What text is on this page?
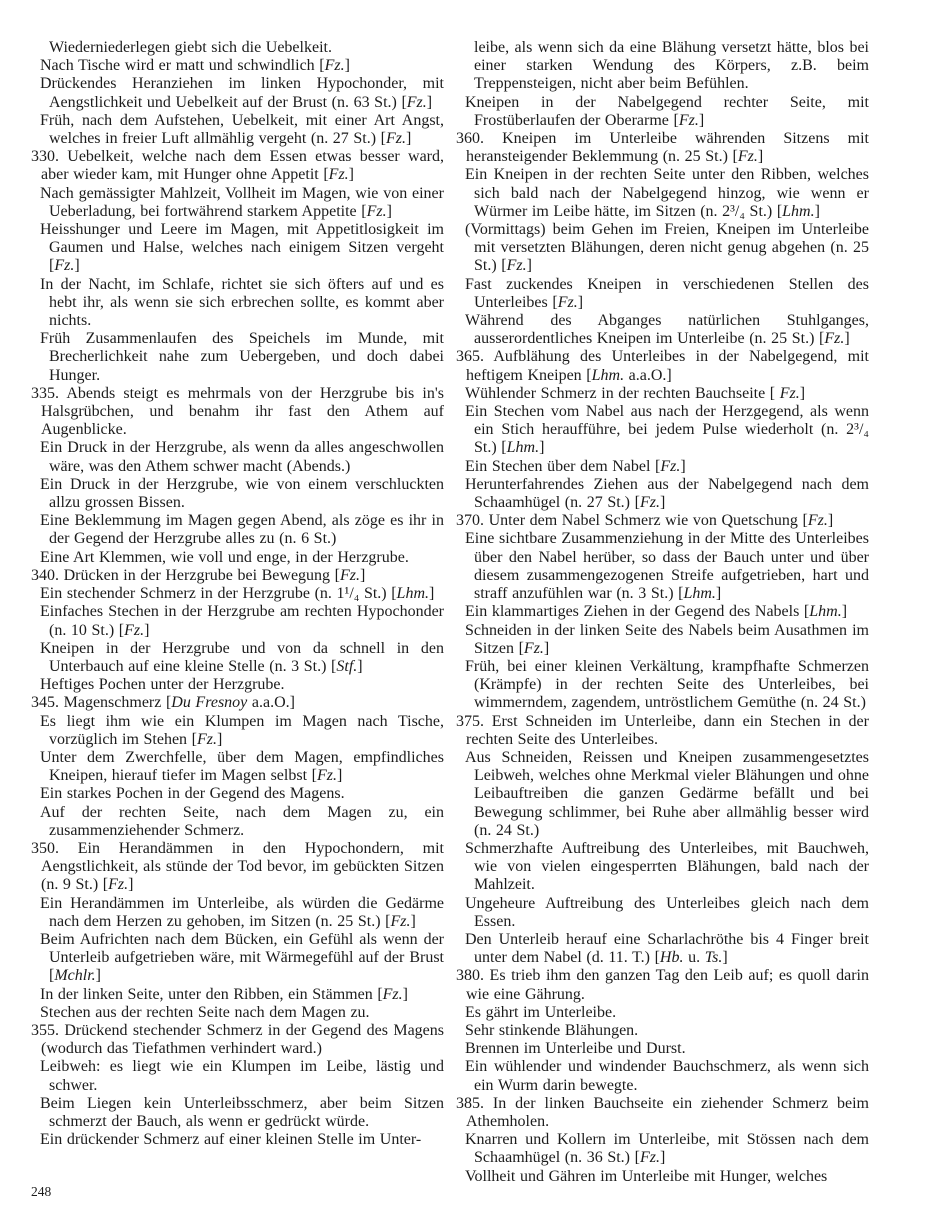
Wiederniederlegen giebt sich die Uebelkeit.

Nach Tische wird er matt und schwindlich [Fz.]

Drückendes Heranziehen im linken Hypochonder, mit Aengstlichkeit und Uebelkeit auf der Brust (n. 63 St.) [Fz.]

Früh, nach dem Aufstehen, Uebelkeit, mit einer Art Angst, welches in freier Luft allmählig vergeht (n. 27 St.) [Fz.]

330. Uebelkeit, welche nach dem Essen etwas besser ward, aber wieder kam, mit Hunger ohne Appetit [Fz.]

Nach gemässigter Mahlzeit, Vollheit im Magen, wie von einer Ueberladung, bei fortwährend starkem Appetite [Fz.]

Heisshunger und Leere im Magen, mit Appetitlosigkeit im Gaumen und Halse, welches nach einigem Sitzen vergeht [Fz.]

In der Nacht, im Schlafe, richtet sie sich öfters auf und es hebt ihr, als wenn sie sich erbrechen sollte, es kommt aber nichts.

Früh Zusammenlaufen des Speichels im Munde, mit Brecherlichkeit nahe zum Uebergeben, und doch dabei Hunger.

335. Abends steigt es mehrmals von der Herzgrube bis in's Halsgrübchen, und benahm ihr fast den Athem auf Augenblicke.

Ein Druck in der Herzgrube, als wenn da alles angeschwollen wäre, was den Athem schwer macht (Abends.)

Ein Druck in der Herzgrube, wie von einem verschluckten allzu grossen Bissen.

Eine Beklemmung im Magen gegen Abend, als zöge es ihr in der Gegend der Herzgrube alles zu (n. 6 St.)

Eine Art Klemmen, wie voll und enge, in der Herzgrube.

340. Drücken in der Herzgrube bei Bewegung [Fz.]

Ein stechender Schmerz in der Herzgrube (n. 1¹/₄ St.) [Lhm.]

Einfaches Stechen in der Herzgrube am rechten Hypochonder (n. 10 St.) [Fz.]

Kneipen in der Herzgrube und von da schnell in den Unterbauch auf eine kleine Stelle (n. 3 St.) [Stf.]

Heftiges Pochen unter der Herzgrube.

345. Magenschmerz [Du Fresnoy a.a.O.]

Es liegt ihm wie ein Klumpen im Magen nach Tische, vorzüglich im Stehen [Fz.]

Unter dem Zwerchfelle, über dem Magen, empfindliches Kneipen, hierauf tiefer im Magen selbst [Fz.]

Ein starkes Pochen in der Gegend des Magens.

Auf der rechten Seite, nach dem Magen zu, ein zusammenziehender Schmerz.

350. Ein Herandämmen in den Hypochondern, mit Aengstlichkeit, als stünde der Tod bevor, im gebückten Sitzen (n. 9 St.) [Fz.]

Ein Herandämmen im Unterleibe, als würden die Gedärme nach dem Herzen zu gehoben, im Sitzen (n. 25 St.) [Fz.]

Beim Aufrichten nach dem Bücken, ein Gefühl als wenn der Unterleib aufgetrieben wäre, mit Wärmegefühl auf der Brust [Mchlr.]

In der linken Seite, unter den Ribben, ein Stämmen [Fz.]

Stechen aus der rechten Seite nach dem Magen zu.

355. Drückend stechender Schmerz in der Gegend des Magens (wodurch das Tiefathmen verhindert ward.)

Leibweh: es liegt wie ein Klumpen im Leibe, lästig und schwer.

Beim Liegen kein Unterleibsschmerz, aber beim Sitzen schmerzt der Bauch, als wenn er gedrückt würde.

Ein drückender Schmerz auf einer kleinen Stelle im Unter-

leibe, als wenn sich da eine Blähung versetzt hätte, blos bei einer starken Wendung des Körpers, z.B. beim Treppensteigen, nicht aber beim Befühlen.

Kneipen in der Nabelgegend rechter Seite, mit Frostüberlaufen der Oberarme [Fz.]

360. Kneipen im Unterleibe währenden Sitzens mit heransteigender Beklemmung (n. 25 St.) [Fz.]

Ein Kneipen in der rechten Seite unter den Ribben, welches sich bald nach der Nabelgegend hinzog, wie wenn er Würmer im Leibe hätte, im Sitzen (n. 2³/₄ St.) [Lhm.]

(Vormittags) beim Gehen im Freien, Kneipen im Unterleibe mit versetzten Blähungen, deren nicht genug abgehen (n. 25 St.) [Fz.]

Fast zuckendes Kneipen in verschiedenen Stellen des Unterleibes [Fz.]

Während des Abganges natürlichen Stuhlganges, ausserordentliches Kneipen im Unterleibe (n. 25 St.) [Fz.]

365. Aufblähung des Unterleibes in der Nabelgegend, mit heftigem Kneipen [Lhm. a.a.O.]

Wühlender Schmerz in der rechten Bauchseite [ Fz.]

Ein Stechen vom Nabel aus nach der Herzgegend, als wenn ein Stich heraufführe, bei jedem Pulse wiederholt (n. 2³/₄ St.) [Lhm.]

Ein Stechen über dem Nabel [Fz.]

Herunterfahrendes Ziehen aus der Nabelgegend nach dem Schaamhügel (n. 27 St.) [Fz.]

370. Unter dem Nabel Schmerz wie von Quetschung [Fz.]

Eine sichtbare Zusammenziehung in der Mitte des Unterleibes über den Nabel herüber, so dass der Bauch unter und über diesem zusammengezogenen Streife aufgetrieben, hart und straff anzufühlen war (n. 3 St.) [Lhm.]

Ein klammartiges Ziehen in der Gegend des Nabels [Lhm.]

Schneiden in der linken Seite des Nabels beim Ausathmen im Sitzen [Fz.]

Früh, bei einer kleinen Verkältung, krampfhafte Schmerzen (Krämpfe) in der rechten Seite des Unterleibes, bei wimmerndem, zagendem, untröstlichem Gemüthe (n. 24 St.)

375. Erst Schneiden im Unterleibe, dann ein Stechen in der rechten Seite des Unterleibes.

Aus Schneiden, Reissen und Kneipen zusammengesetztes Leibweh, welches ohne Merkmal vieler Blähungen und ohne Leibauftreiben die ganzen Gedärme befällt und bei Bewegung schlimmer, bei Ruhe aber allmählig besser wird (n. 24 St.)

Schmerzhafte Auftreibung des Unterleibes, mit Bauchweh, wie von vielen eingesperrten Blähungen, bald nach der Mahlzeit.

Ungeheure Auftreibung des Unterleibes gleich nach dem Essen.

Den Unterleib herauf eine Scharlachröthe bis 4 Finger breit unter dem Nabel (d. 11. T.) [Hb. u. Ts.]

380. Es trieb ihm den ganzen Tag den Leib auf; es quoll darin wie eine Gährung.

Es gährt im Unterleibe.

Sehr stinkende Blähungen.

Brennen im Unterleibe und Durst.

Ein wühlender und windender Bauchschmerz, als wenn sich ein Wurm darin bewegte.

385. In der linken Bauchseite ein ziehender Schmerz beim Athemholen.

Knarren und Kollern im Unterleibe, mit Stössen nach dem Schaamhügel (n. 36 St.) [Fz.]

Vollheit und Gähren im Unterleibe mit Hunger, welches

248
